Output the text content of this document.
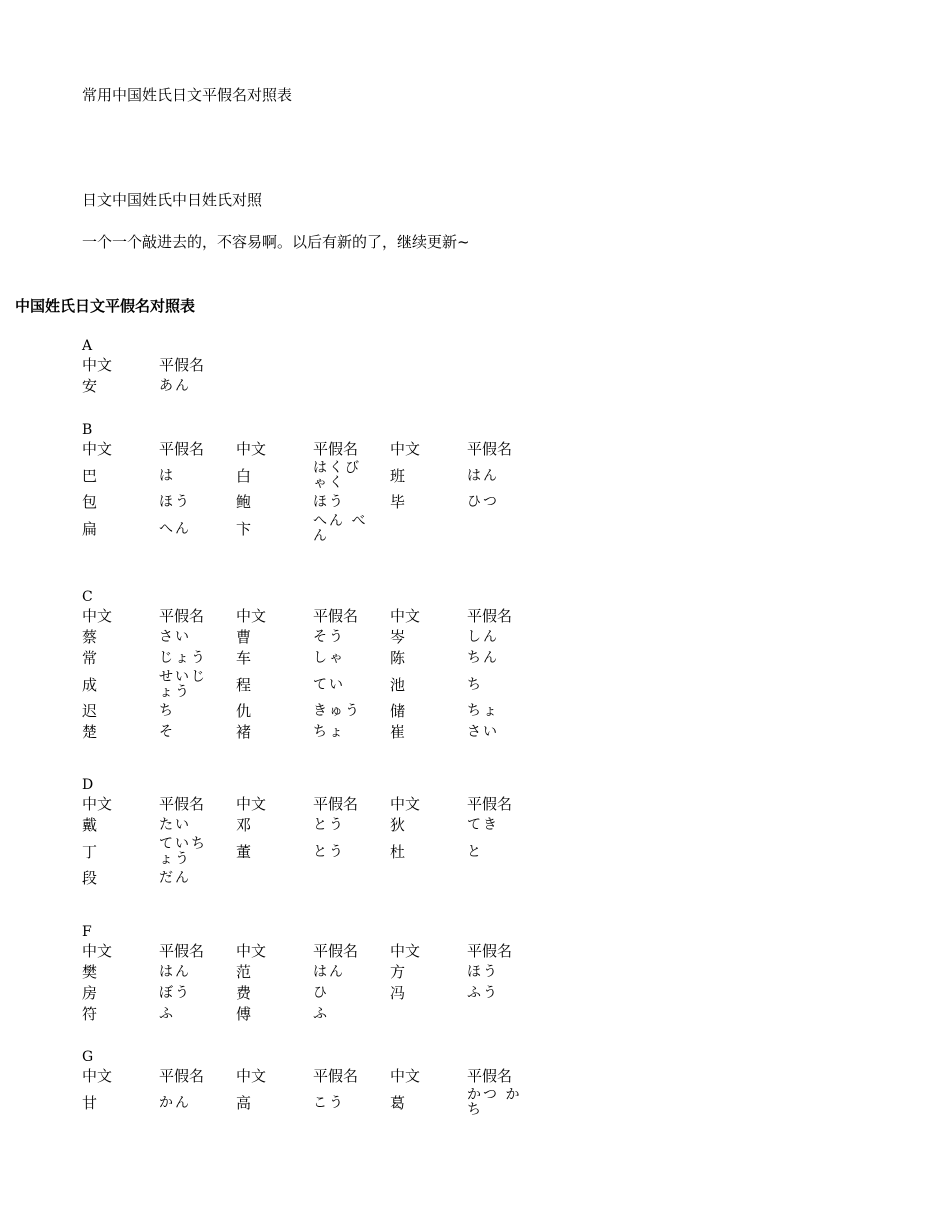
常用中国姓氏日文平假名对照表
日文中国姓氏中日姓氏对照
一个一个敲进去的，不容易啊。以后有新的了，继续更新~
中国姓氏日文平假名对照表
A
中文	平假名
安	あん
B
中文	平假名	中文	平假名	中文	平假名
巴	は	白	はくびゃく	班	はん
包	ほう	鲍	ほう	毕	ひつ
扁	へん	卞	へん べん		
C
中文	平假名	中文	平假名	中文	平假名
蔡	さい	曹	そう	岑	しん
常	じょう	车	しゃ	陈	ちん
成	せいじょう	程	てい	池	ち
迟	ち	仇	きゅう	储	ちょ
楚	そ	褚	ちょ	崔	さい
D
中文	平假名	中文	平假名	中文	平假名
戴	たい	邓	とう	狄	てき
丁	ていちょう	董	とう	杜	と
段	だん				
F
中文	平假名	中文	平假名	中文	平假名
樊	はん	范	はん	方	ほう
房	ぼう	费	ひ	冯	ふう
符	ふ	傅	ふ		
G
中文	平假名	中文	平假名	中文	平假名
甘	かん	高	こう	葛	かつ かち
